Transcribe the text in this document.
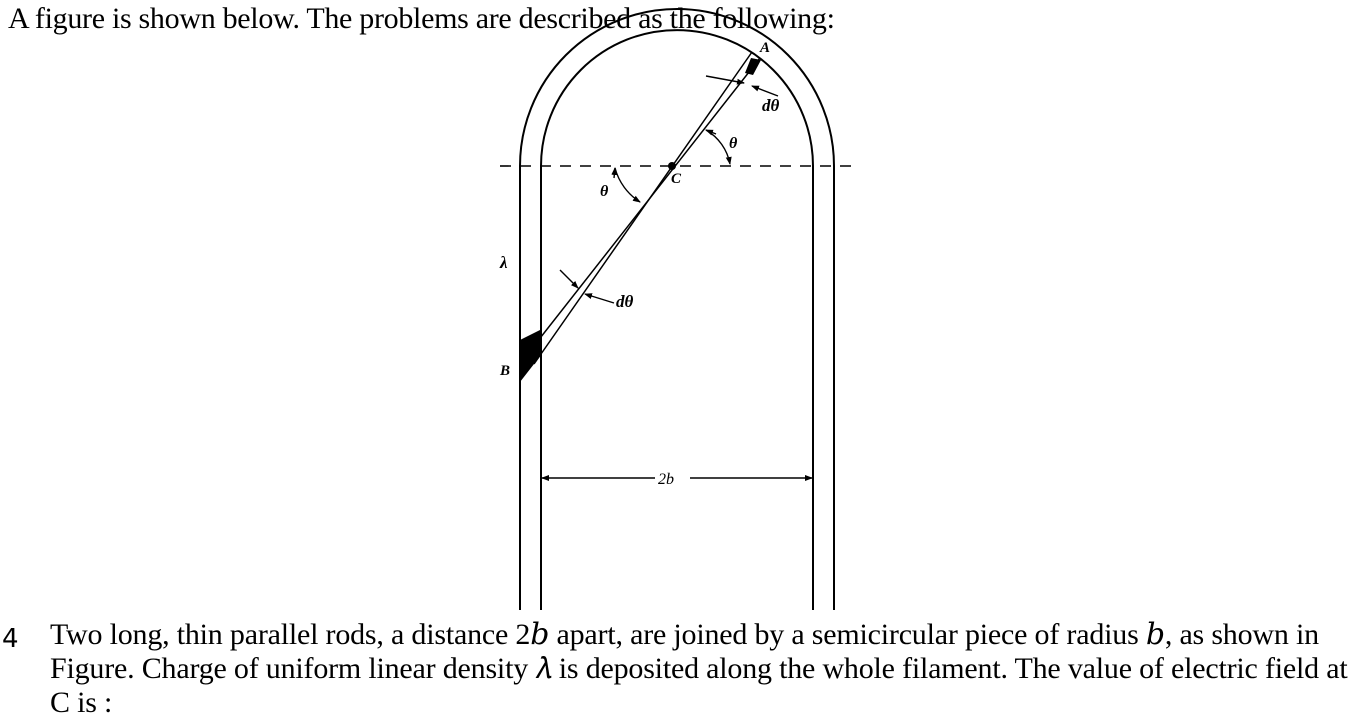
A figure is shown below. The problems are described as the following:
A
B
C
θ
θ
dθ
dθ
λ
2b
4 Two long, thin parallel rods, a distance 2𝑏 apart, are joined by a semicircular piece of radius 𝑏, as shown in Figure. Charge of uniform linear density 𝜆 is deposited along the whole filament. The value of electric field at C is :
